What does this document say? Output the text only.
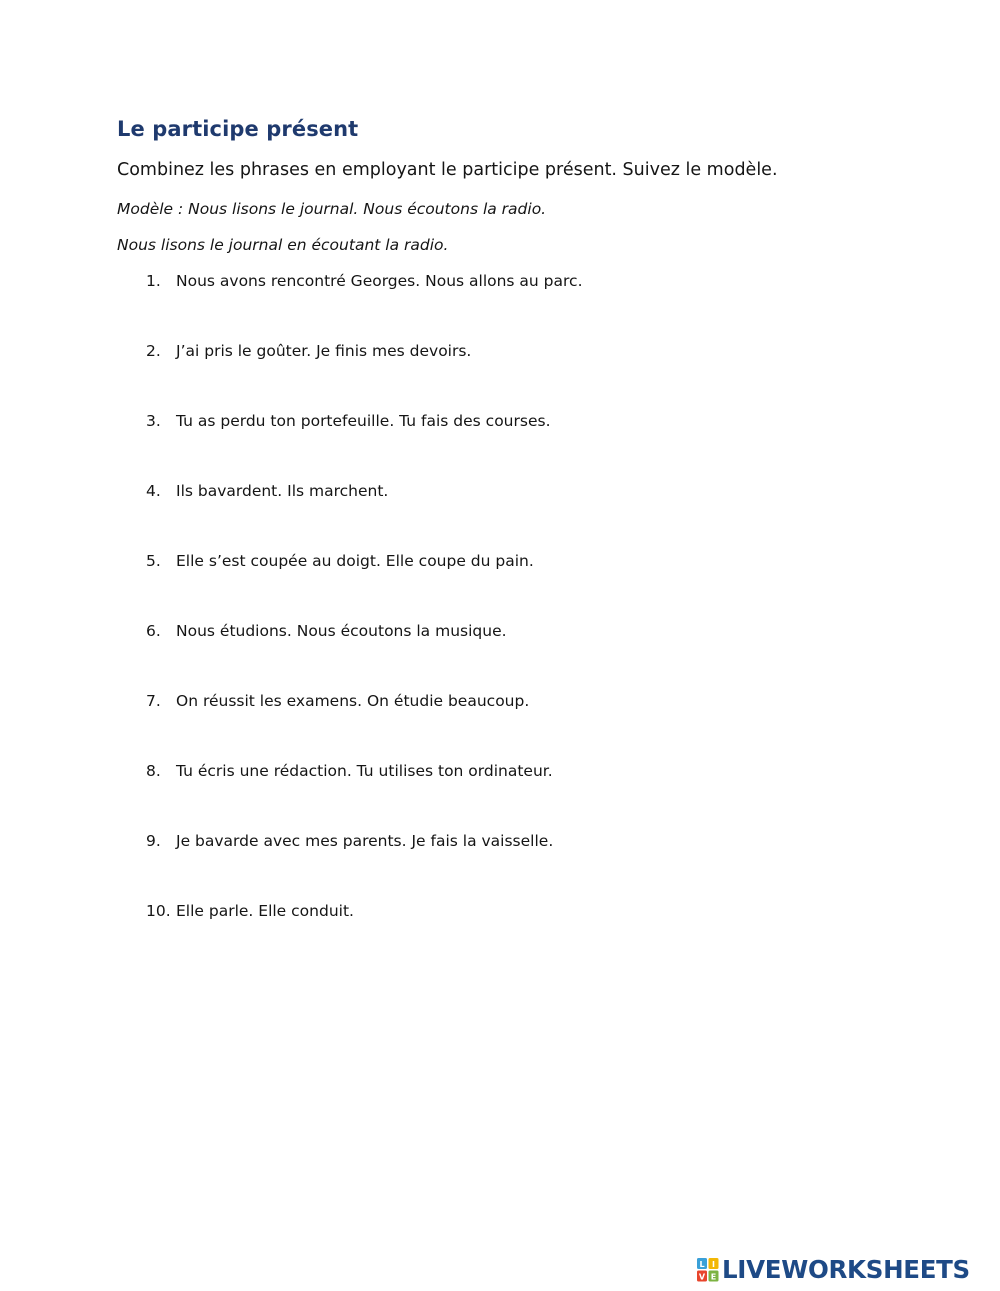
Le participe présent

Combinez les phrases en employant le participe présent. Suivez le modèle.

Modèle : Nous lisons le journal. Nous écoutons la radio.

Nous lisons le journal en écoutant la radio.

1. Nous avons rencontré Georges. Nous allons au parc.
2. J’ai pris le goûter. Je finis mes devoirs.
3. Tu as perdu ton portefeuille. Tu fais des courses.
4. Ils bavardent. Ils marchent.
5. Elle s’est coupée au doigt. Elle coupe du pain.
6. Nous étudions. Nous écoutons la musique.
7. On réussit les examens. On étudie beaucoup.
8. Tu écris une rédaction. Tu utilises ton ordinateur.
9. Je bavarde avec mes parents. Je fais la vaisselle.
10. Elle parle. Elle conduit.
L I
V E LIVEWORKSHEETS
